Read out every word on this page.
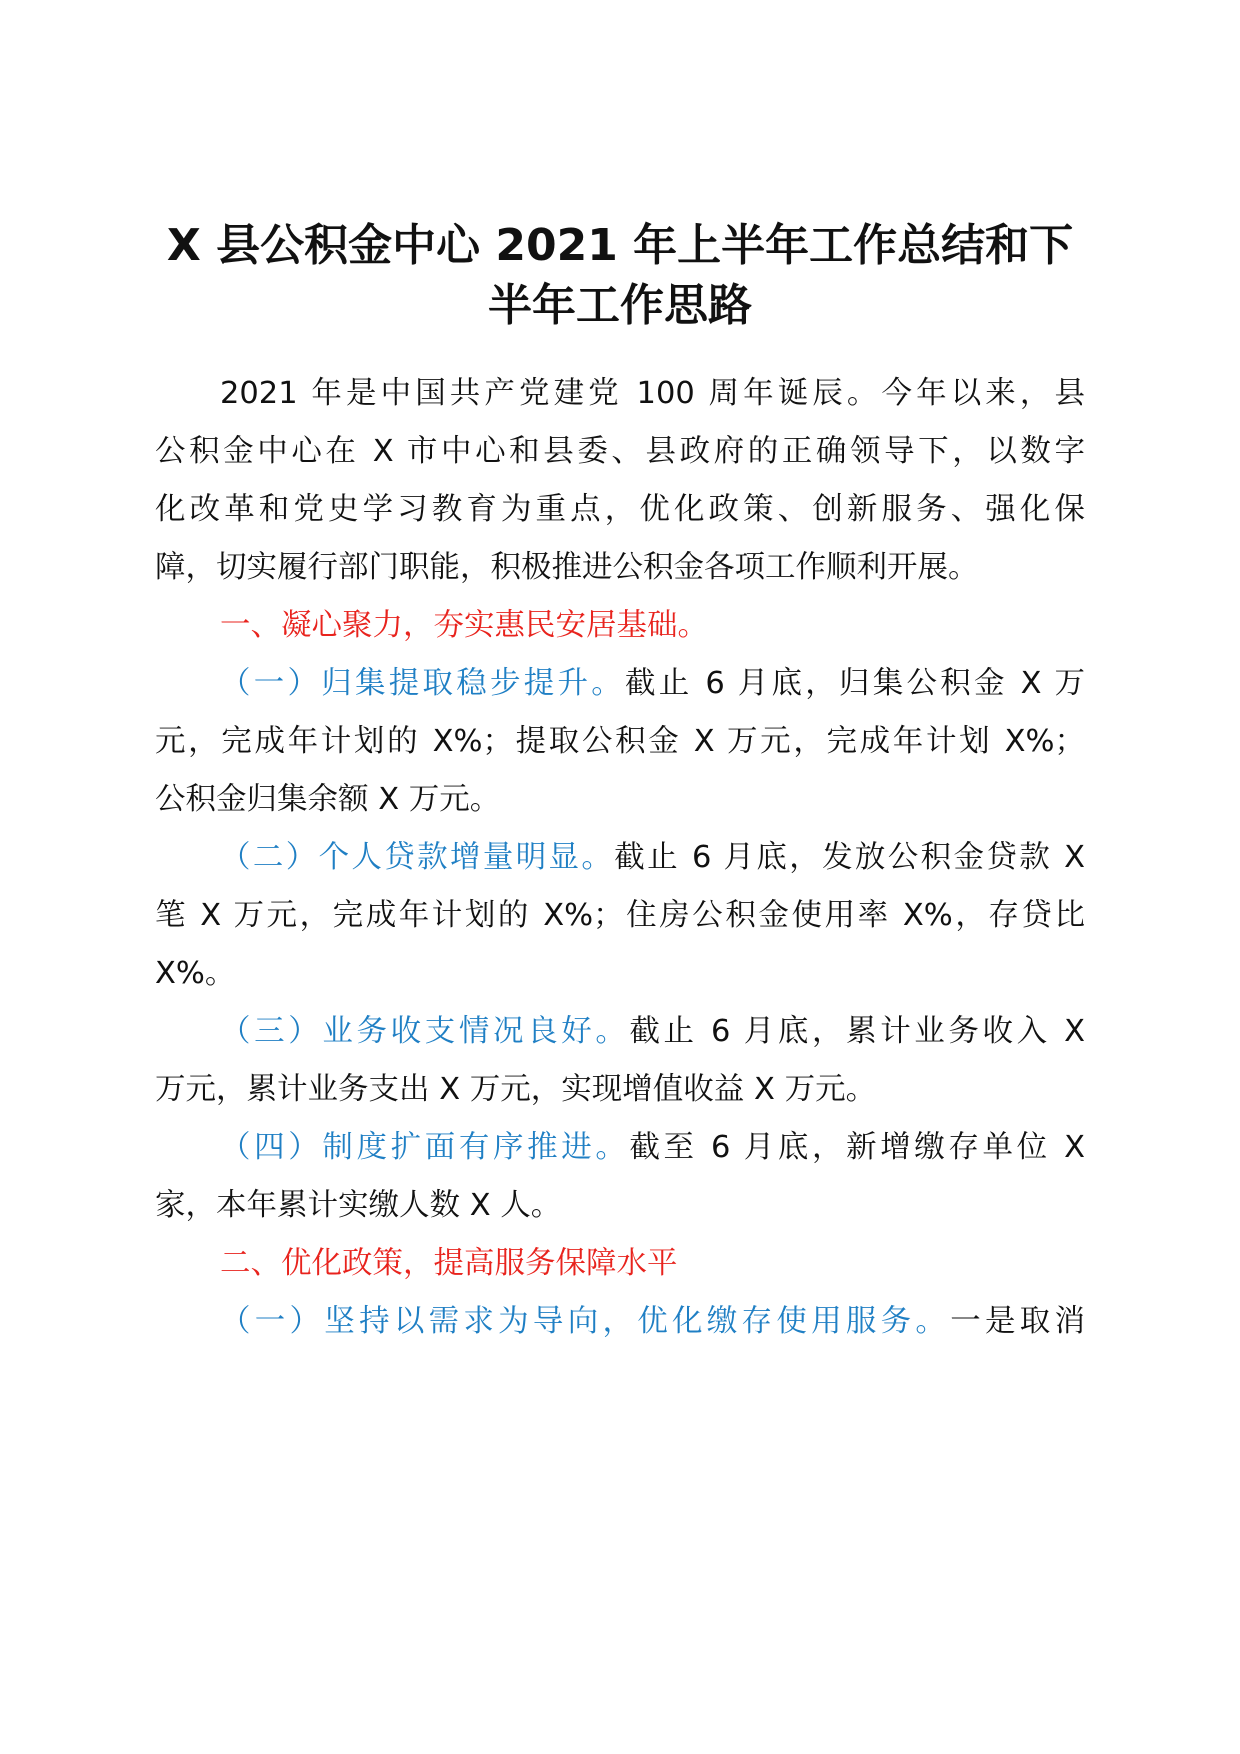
X 县公积金中心 2021 年上半年工作总结和下
半年工作思路
2021 年是中国共产党建党 100 周年诞辰。今年以来，县
公积金中心在 X 市中心和县委、县政府的正确领导下，以数字
化改革和党史学习教育为重点，优化政策、创新服务、强化保
障，切实履行部门职能，积极推进公积金各项工作顺利开展。
一、凝心聚力，夯实惠民安居基础。
（一）归集提取稳步提升。截止 6 月底，归集公积金 X 万
元，完成年计划的 X%；提取公积金 X 万元，完成年计划 X%；
公积金归集余额 X 万元。
（二）个人贷款增量明显。截止 6 月底，发放公积金贷款 X
笔 X 万元，完成年计划的 X%；住房公积金使用率 X%，存贷比
X%。
（三）业务收支情况良好。截止 6 月底，累计业务收入 X
万元，累计业务支出 X 万元，实现增值收益 X 万元。
（四）制度扩面有序推进。截至 6 月底，新增缴存单位 X
家，本年累计实缴人数 X 人。
二、优化政策，提高服务保障水平
（一）坚持以需求为导向，优化缴存使用服务。一是取消
